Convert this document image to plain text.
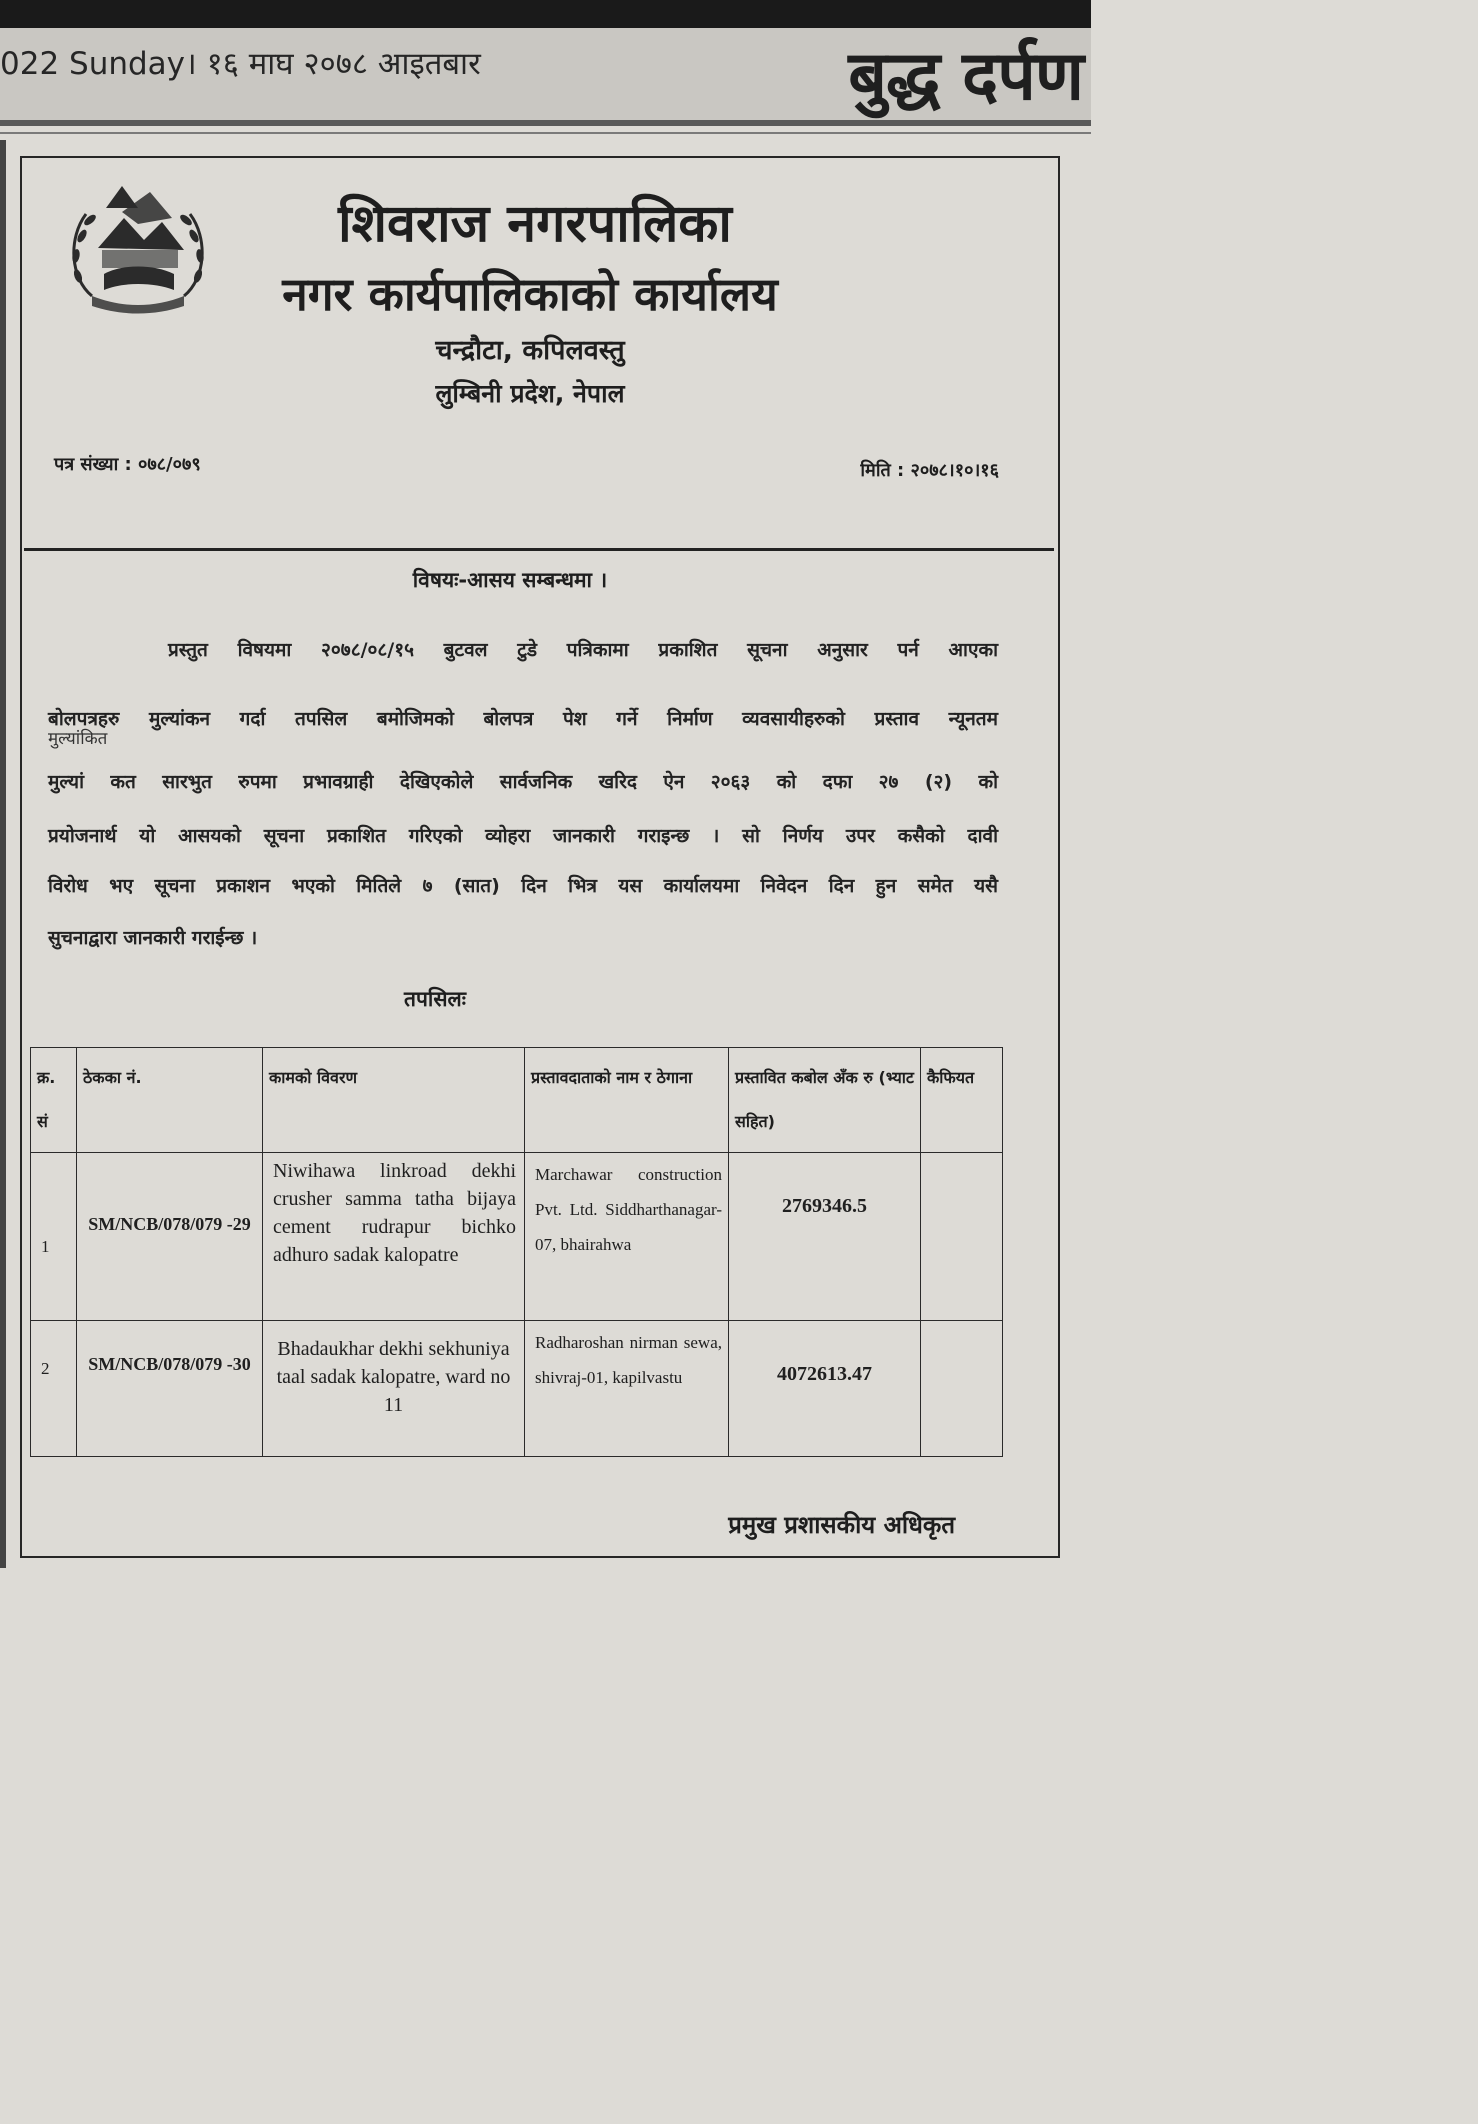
022 Sunday। १६ माघ २०७८ आइतबार	बुद्ध दर्पण
शिवराज नगरपालिका
नगर कार्यपालिकाको कार्यालय
चन्द्रौटा, कपिलवस्तु
लुम्बिनी प्रदेश, नेपाल
पत्र संख्या : ०७८/०७९	मिति : २०७८।१०।१६
विषयः-आसय सम्बन्धमा ।
प्रस्तुत विषयमा २०७८/०८/१५ बुटवल टुडे पत्रिकामा प्रकाशित सूचना अनुसार पर्न आएका
बोलपत्रहरु मुल्यांकन गर्दा तपसिल बमोजिमको बोलपत्र पेश गर्ने निर्माण व्यवसायीहरुको प्रस्ताव न्यूनतम
मुल्यांकित
मुल्यां कत सारभुत रुपमा प्रभावग्राही देखिएकोले सार्वजनिक खरिद ऐन २०६३ को दफा २७ (२) को
प्रयोजनार्थ यो आसयको सूचना प्रकाशित गरिएको व्योहरा जानकारी गराइन्छ । सो निर्णय उपर कसैको दावी
विरोध भए सूचना प्रकाशन भएको मितिले ७ (सात) दिन भित्र यस कार्यालयमा निवेदन दिन हुन समेत यसै
सुचनाद्वारा जानकारी गराईन्छ ।
तपसिलः
क्र. सं	ठेकका नं.	कामको विवरण	प्रस्तावदाताको नाम र ठेगाना	प्रस्तावित कबोल अँक रु (भ्याट सहित)	कैफियत
1	SM/NCB/078/079 -29	Niwihawa linkroad dekhi crusher samma tatha bijaya cement rudrapur bichko adhuro sadak kalopatre	Marchawar construction Pvt. Ltd. Siddharthanagar-07, bhairahwa	2769346.5	
2	SM/NCB/078/079 -30	Bhadaukhar dekhi sekhuniya taal sadak kalopatre, ward no 11	Radharoshan nirman sewa, shivraj-01, kapilvastu	4072613.47	
प्रमुख प्रशासकीय अधिकृत
